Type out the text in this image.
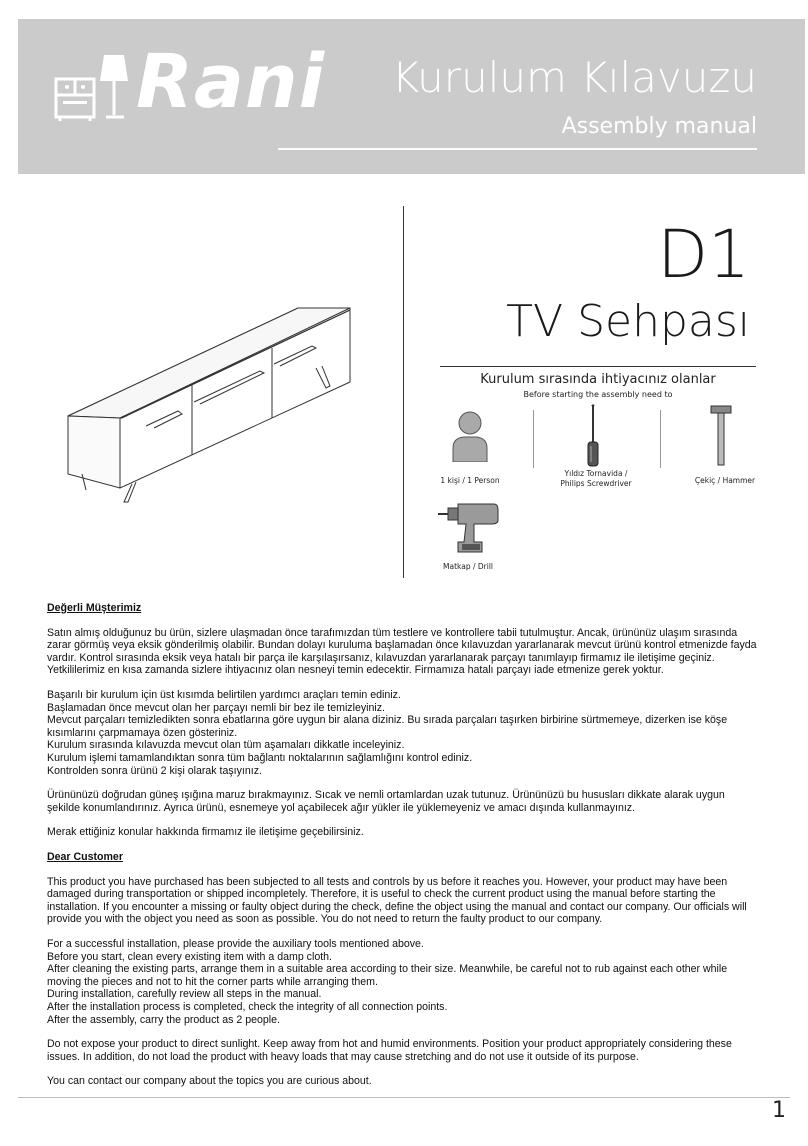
Rani Kurulum Kılavuzu
Assembly manual
D1
TV Sehpası
Kurulum sırasında ihtiyacınız olanlar
Before starting the assembly need to
1 kişi / 1 Person
Yıldız Tornavida /
Philips Screwdriver	Çekiç / Hammer
Matkap / Drill

Değerli Müşterimiz

Satın almış olduğunuz bu ürün, sizlere ulaşmadan önce tarafımızdan tüm testlere ve kontrollere tabii tutulmuştur. Ancak, ürününüz ulaşım sırasında zarar görmüş veya eksik gönderilmiş olabilir. Bundan dolayı kuruluma başlamadan önce kılavuzdan yararlanarak mevcut ürünü kontrol etmenizde fayda vardır. Kontrol sırasında eksik veya hatalı bir parça ile karşılaşırsanız, kılavuzdan yararlanarak parçayı tanımlayıp firmamız ile iletişime geçiniz. Yetkililerimiz en kısa zamanda sizlere ihtiyacınız olan nesneyi temin edecektir. Firmamıza hatalı parçayı iade etmenize gerek yoktur.

Başarılı bir kurulum için üst kısımda belirtilen yardımcı araçları temin ediniz.

Başlamadan önce mevcut olan her parçayı nemli bir bez ile temizleyiniz.

Mevcut parçaları temizledikten sonra ebatlarına göre uygun bir alana diziniz. Bu sırada parçaları taşırken birbirine sürtmemeye, dizerken ise köşe kısımlarını çarpmamaya özen gösteriniz.

Kurulum sırasında kılavuzda mevcut olan tüm aşamaları dikkatle inceleyiniz.

Kurulum işlemi tamamlandıktan sonra tüm bağlantı noktalarının sağlamlığını kontrol ediniz.

Kontrolden sonra ürünü 2 kişi olarak taşıyınız.

Ürününüzü doğrudan güneş ışığına maruz bırakmayınız. Sıcak ve nemli ortamlardan uzak tutunuz. Ürününüzü bu hususları dikkate alarak uygun şekilde konumlandırınız. Ayrıca ürünü, esnemeye yol açabilecek ağır yükler ile yüklemeyeniz ve amacı dışında kullanmayınız.

Merak ettiğiniz konular hakkında firmamız ile iletişime geçebilirsiniz.

Dear Customer

This product you have purchased has been subjected to all tests and controls by us before it reaches you. However, your product may have been damaged during transportation or shipped incompletely. Therefore, it is useful to check the current product using the manual before starting the installation. If you encounter a missing or faulty object during the check, define the object using the manual and contact our company. Our officials will provide you with the object you need as soon as possible. You do not need to return the faulty product to our company.

For a successful installation, please provide the auxiliary tools mentioned above.

Before you start, clean every existing item with a damp cloth.

After cleaning the existing parts, arrange them in a suitable area according to their size. Meanwhile, be careful not to rub against each other while moving the pieces and not to hit the corner parts while arranging them.

During installation, carefully review all steps in the manual.

After the installation process is completed, check the integrity of all connection points.

After the assembly, carry the product as 2 people.

Do not expose your product to direct sunlight. Keep away from hot and humid environments. Position your product appropriately considering these issues. In addition, do not load the product with heavy loads that may cause stretching and do not use it outside of its purpose.

You can contact our company about the topics you are curious about.

1
